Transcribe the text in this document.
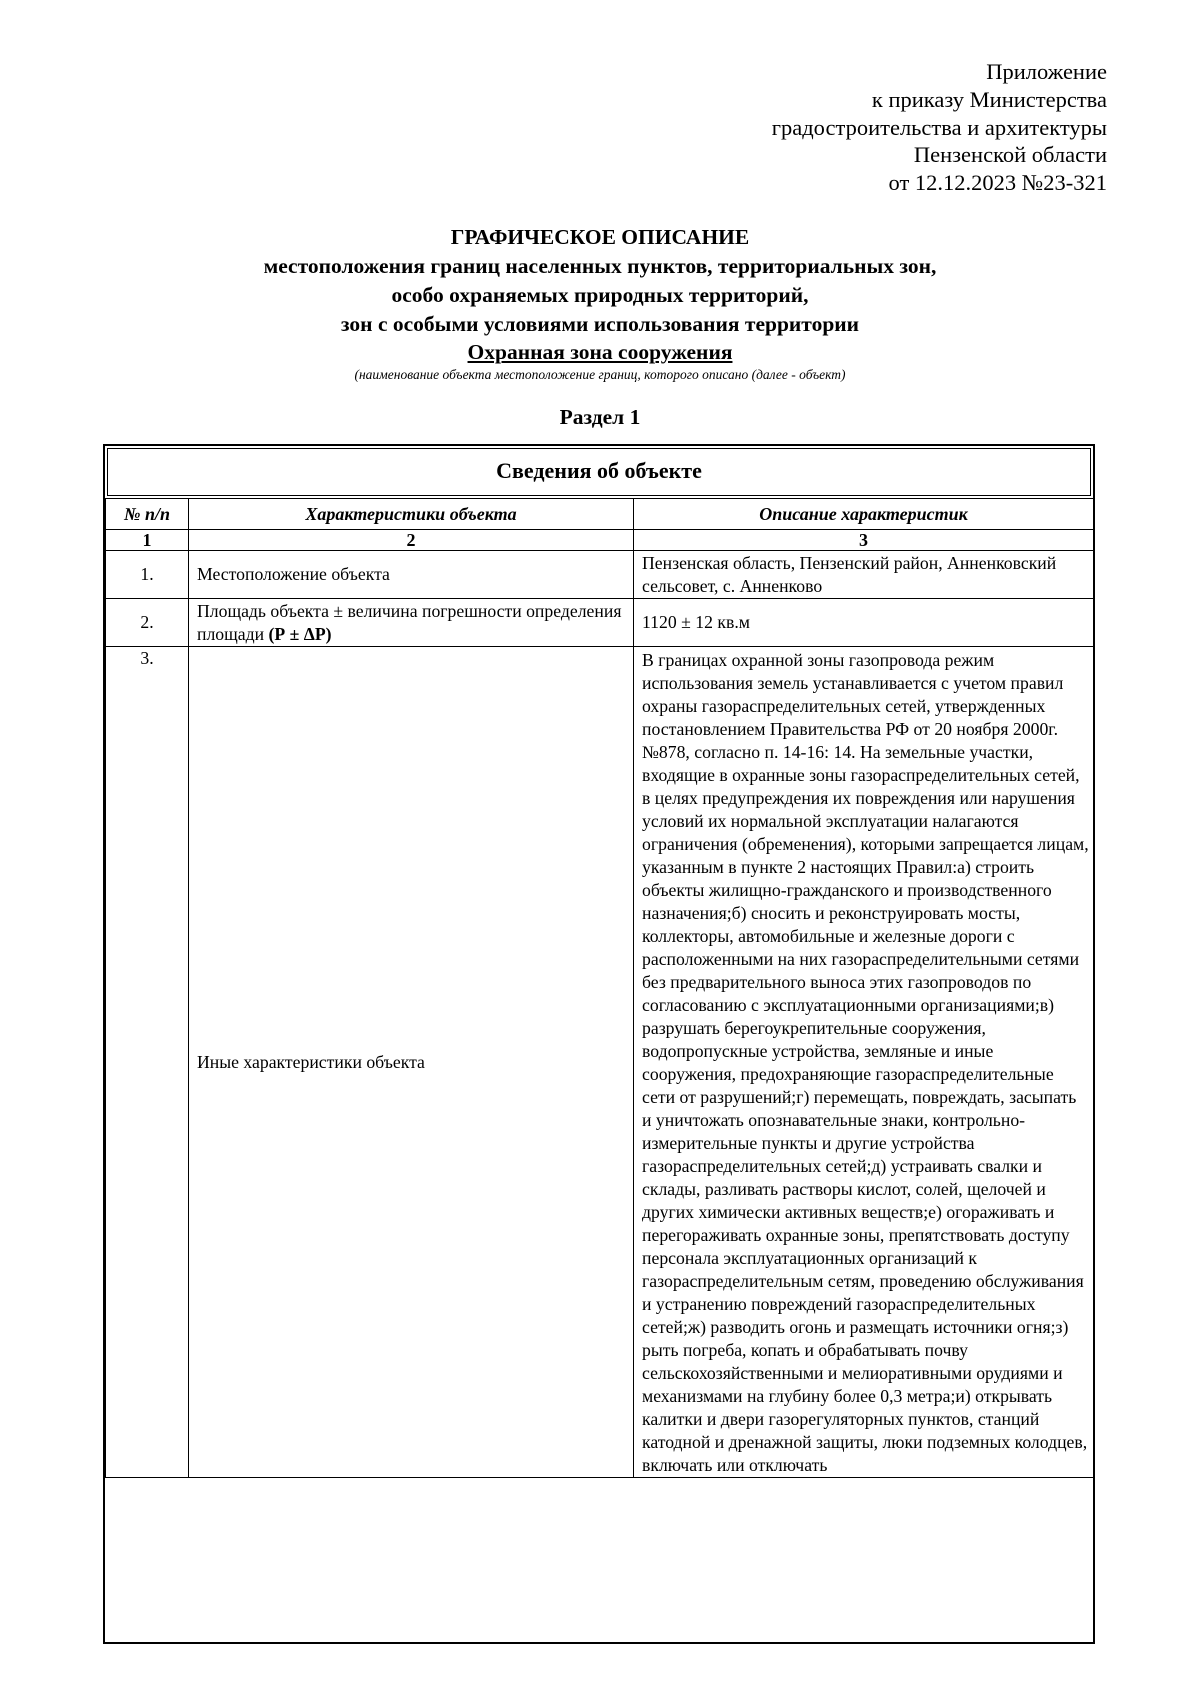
Приложение
к приказу Министерства
градостроительства и архитектуры
Пензенской области
от 12.12.2023 №23-321
ГРАФИЧЕСКОЕ ОПИСАНИЕ
местоположения границ населенных пунктов, территориальных зон,
особо охраняемых природных территорий,
зон с особыми условиями использования территории
Охранная зона сооружения
(наименование объекта местоположение границ, которого описано (далее - объект)
Раздел 1
Сведения об объекте
№ п/п	Характеристики объекта	Описание характеристик
1	2	3
1.	Местоположение объекта	Пензенская область, Пензенский район, Анненковский сельсовет, с. Анненково
2.	Площадь объекта ± величина погрешности определения площади (Р ± ΔР)	1120 ± 12 кв.м
3.	Иные характеристики объекта	В границах охранной зоны газопровода режим использования земель устанавливается с учетом правил охраны газораспределительных сетей, утвержденных постановлением Правительства РФ от 20 ноября 2000г. №878, согласно п. 14-16: 14. На земельные участки, входящие в охранные зоны газораспределительных сетей, в целях предупреждения их повреждения или нарушения условий их нормальной эксплуатации налагаются ограничения (обременения), которыми запрещается лицам, указанным в пункте 2 настоящих Правил:а) строить объекты жилищно-гражданского и производственного назначения;б) сносить и реконструировать мосты, коллекторы, автомобильные и железные дороги с расположенными на них газораспределительными сетями без предварительного выноса этих газопроводов по согласованию с эксплуатационными организациями;в) разрушать берегоукрепительные сооружения, водопропускные устройства, земляные и иные сооружения, предохраняющие газораспределительные сети от разрушений;г) перемещать, повреждать, засыпать и уничтожать опознавательные знаки, контрольно-измерительные пункты и другие устройства газораспределительных сетей;д) устраивать свалки и склады, разливать растворы кислот, солей, щелочей и других химически активных веществ;е) огораживать и перегораживать охранные зоны, препятствовать доступу персонала эксплуатационных организаций к газораспределительным сетям, проведению обслуживания и устранению повреждений газораспределительных сетей;ж) разводить огонь и размещать источники огня;з) рыть погреба, копать и обрабатывать почву сельскохозяйственными и мелиоративными орудиями и механизмами на глубину более 0,3 метра;и) открывать калитки и двери газорегуляторных пунктов, станций катодной и дренажной защиты, люки подземных колодцев, включать или отключать
